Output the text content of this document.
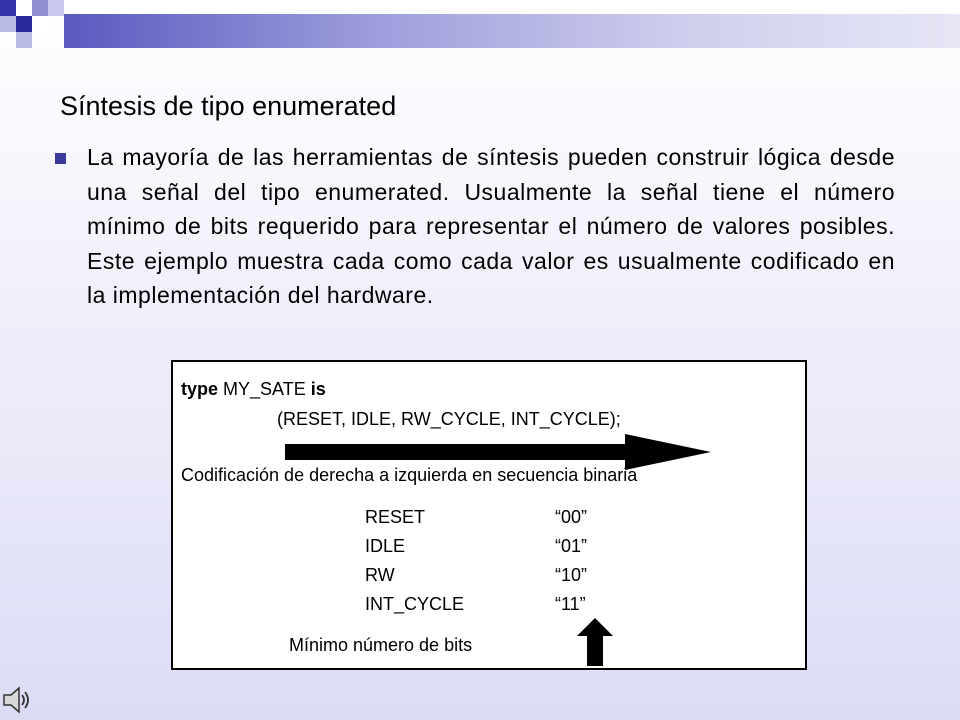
Síntesis de tipo enumerated
La mayoría de las herramientas de síntesis pueden construir lógica desde una señal del tipo enumerated. Usualmente la señal tiene el número mínimo de bits requerido para representar el número de valores posibles. Este ejemplo muestra cada como cada valor es usualmente codificado en la implementación del hardware.
type MY_SATE is
(RESET, IDLE, RW_CYCLE, INT_CYCLE);
Codificación de derecha a izquierda en secuencia binaria
RESET	“00”
IDLE	“01”
RW	“10”
INT_CYCLE	“11”
Mínimo número de bits
